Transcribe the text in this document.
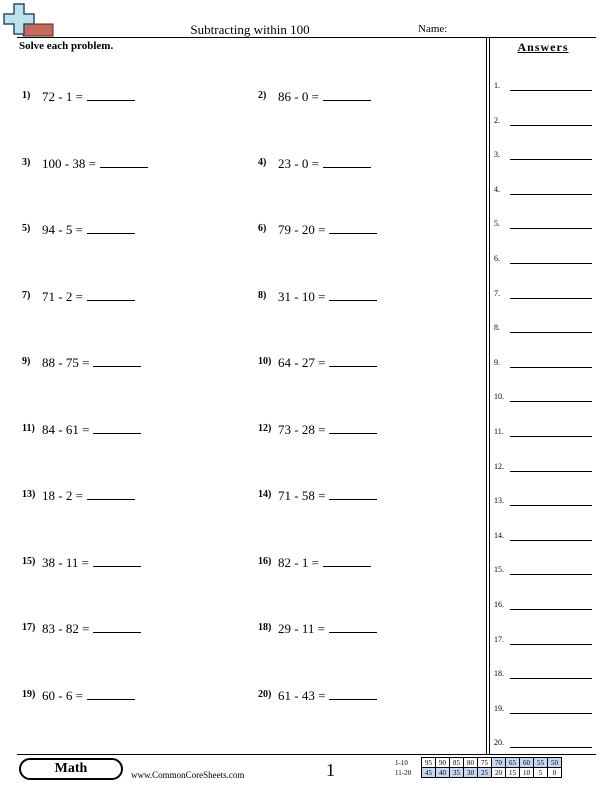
Subtracting within 100	Name:
Solve each problem.
1) 72 - 1 =	2) 86 - 0 =
3) 100 - 38 =	4) 23 - 0 =
5) 94 - 5 =	6) 79 - 20 =
7) 71 - 2 =	8) 31 - 10 =
9) 88 - 75 =	10) 64 - 27 =
11) 84 - 61 =	12) 73 - 28 =
13) 18 - 2 =	14) 71 - 58 =
15) 38 - 11 =	16) 82 - 1 =
17) 83 - 82 =	18) 29 - 11 =
19) 60 - 6 =	20) 61 - 43 =
Answers
1.
2.
3.
4.
5.
6.
7.
8.
9.
10.
11.
12.
13.
14.
15.
16.
17.
18.
19.
20.
Math	www.CommonCoreSheets.com	1	1-10	95	90	85	80	75	70	65	60	55	50
11-20	45	40	35	30	25	20	15	10	5	0
